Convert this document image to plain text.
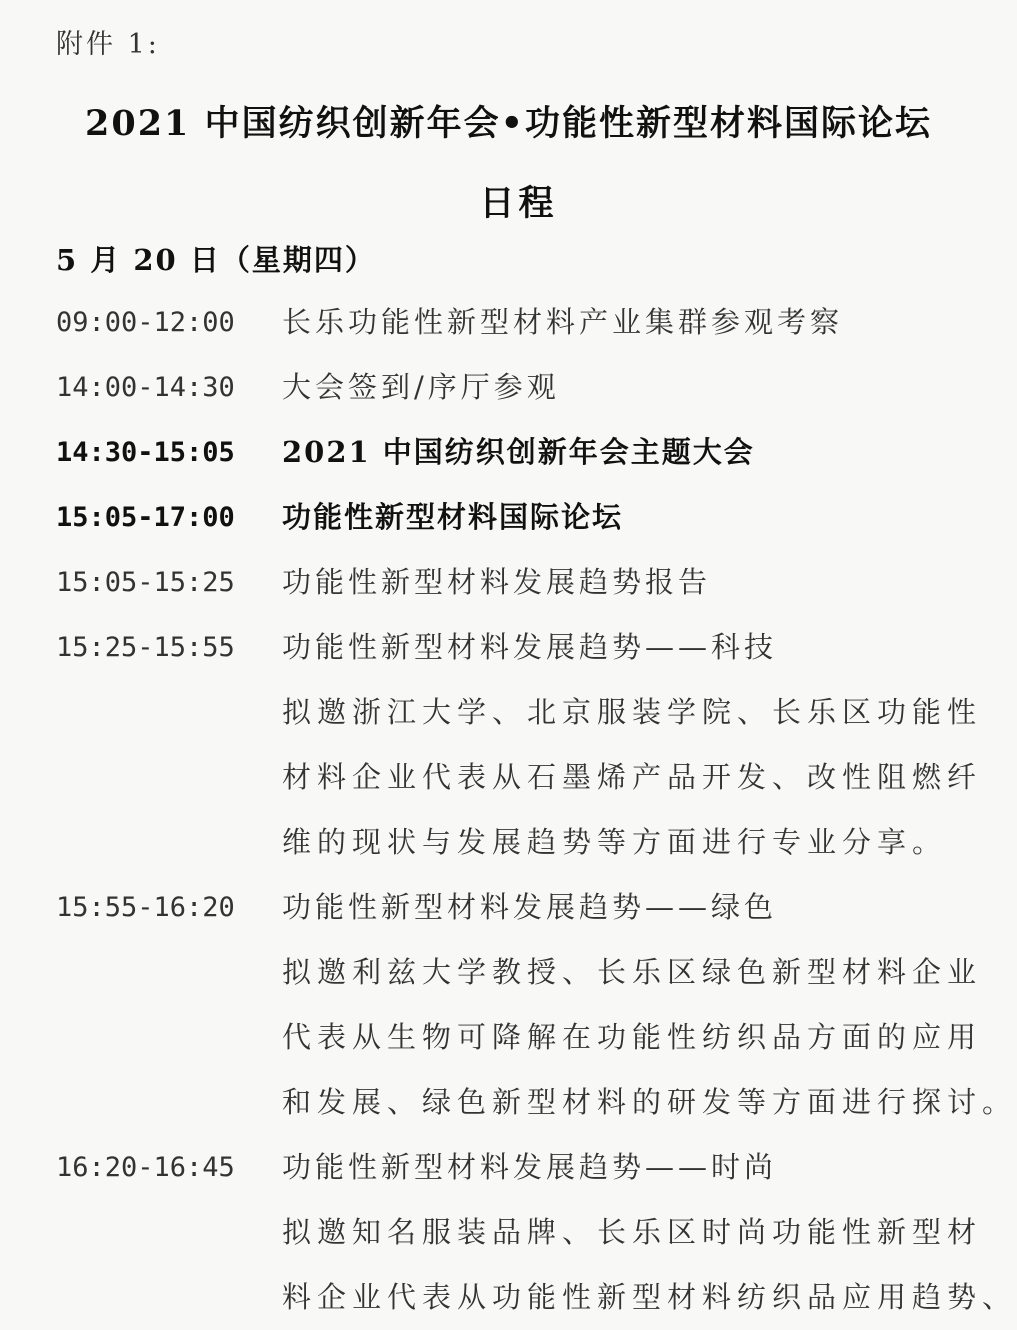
附件 1:
2021 中国纺织创新年会•功能性新型材料国际论坛
日程
5 月 20 日（星期四）
09:00-12:00	长乐功能性新型材料产业集群参观考察
14:00-14:30	大会签到/序厅参观
14:30-15:05	2021 中国纺织创新年会主题大会
15:05-17:00	功能性新型材料国际论坛
15:05-15:25	功能性新型材料发展趋势报告
15:25-15:55	功能性新型材料发展趋势——科技
拟邀浙江大学、北京服装学院、长乐区功能性
材料企业代表从石墨烯产品开发、改性阻燃纤
维的现状与发展趋势等方面进行专业分享。
15:55-16:20	功能性新型材料发展趋势——绿色
拟邀利兹大学教授、长乐区绿色新型材料企业
代表从生物可降解在功能性纺织品方面的应用
和发展、绿色新型材料的研发等方面进行探讨。
16:20-16:45	功能性新型材料发展趋势——时尚
拟邀知名服装品牌、长乐区时尚功能性新型材
料企业代表从功能性新型材料纺织品应用趋势、
